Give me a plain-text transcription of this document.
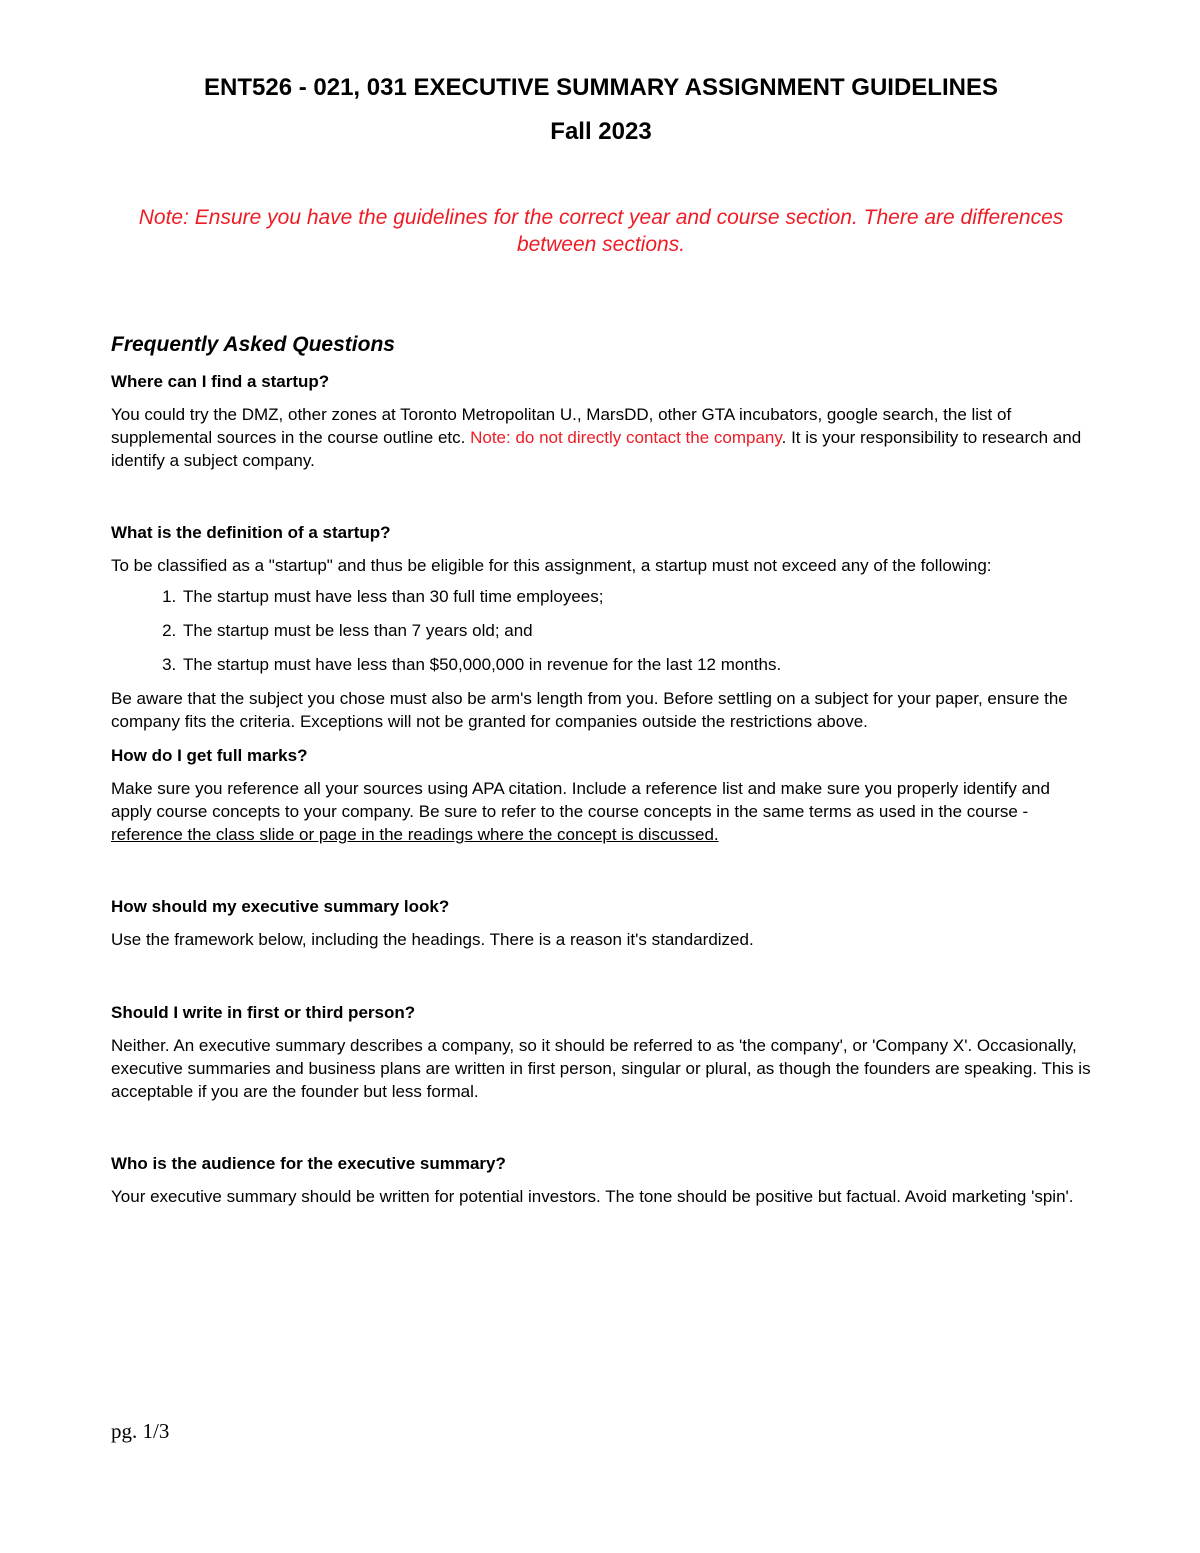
ENT526 - 021, 031 EXECUTIVE SUMMARY ASSIGNMENT GUIDELINES
Fall 2023

Note: Ensure you have the guidelines for the correct year and course section. There are differences between sections.

Frequently Asked Questions

Where can I find a startup?

You could try the DMZ, other zones at Toronto Metropolitan U., MarsDD, other GTA incubators, google search, the list of supplemental sources in the course outline etc. Note: do not directly contact the company. It is your responsibility to research and identify a subject company.

What is the definition of a startup?

To be classified as a "startup" and thus be eligible for this assignment, a startup must not exceed any of the following:

1. The startup must have less than 30 full time employees;
2. The startup must be less than 7 years old; and
3. The startup must have less than $50,000,000 in revenue for the last 12 months.

Be aware that the subject you chose must also be arm's length from you. Before settling on a subject for your paper, ensure the company fits the criteria. Exceptions will not be granted for companies outside the restrictions above.

How do I get full marks?

Make sure you reference all your sources using APA citation. Include a reference list and make sure you properly identify and apply course concepts to your company. Be sure to refer to the course concepts in the same terms as used in the course - reference the class slide or page in the readings where the concept is discussed.

How should my executive summary look?

Use the framework below, including the headings. There is a reason it's standardized.

Should I write in first or third person?

Neither. An executive summary describes a company, so it should be referred to as 'the company', or 'Company X'. Occasionally, executive summaries and business plans are written in first person, singular or plural, as though the founders are speaking. This is acceptable if you are the founder but less formal.

Who is the audience for the executive summary?

Your executive summary should be written for potential investors. The tone should be positive but factual. Avoid marketing 'spin'.

pg. 1/3
